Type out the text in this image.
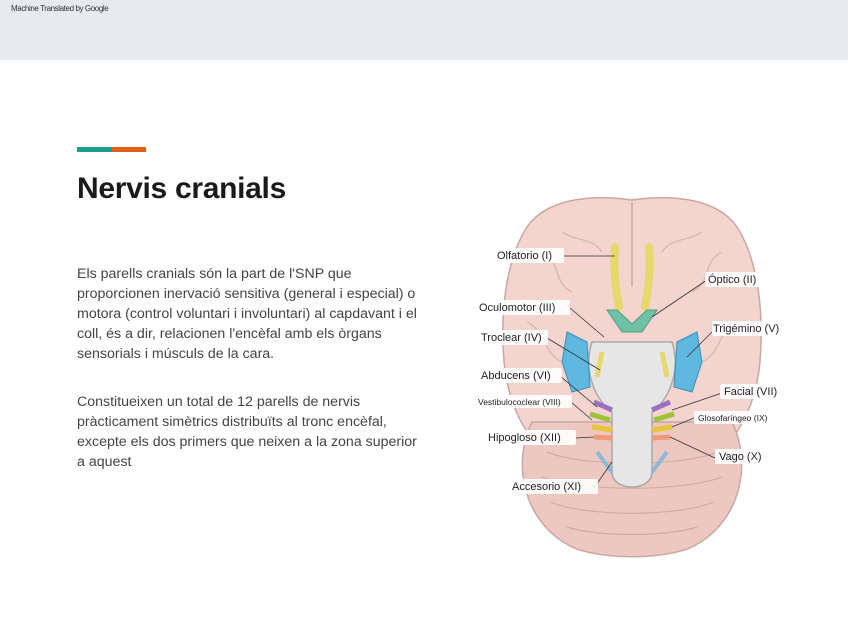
Machine Translated by Google
Nervis cranials

Els parells cranials són la part de l'SNP que proporcionen inervació sensitiva (general i especial) o motora (control voluntari i involuntari) al capdavant i el coll, és a dir, relacionen l'encèfal amb els òrgans sensorials i músculs de la cara.

Constitueixen un total de 12 parells de nervis pràcticament simètrics distribuïts al tronc encèfal, excepte els dos primers que neixen a la zona superior a aquest

Olfatorio (I)
Óptico (II)
Oculomotor (III)
Trigémino (V)
Troclear (IV)
Abducens (VI)
Facial (VII)
Vestibulococlear (VIII)
Glosofaríngeo (IX)
Hipogloso (XII)
Vago (X)
Accesorio (XI)
